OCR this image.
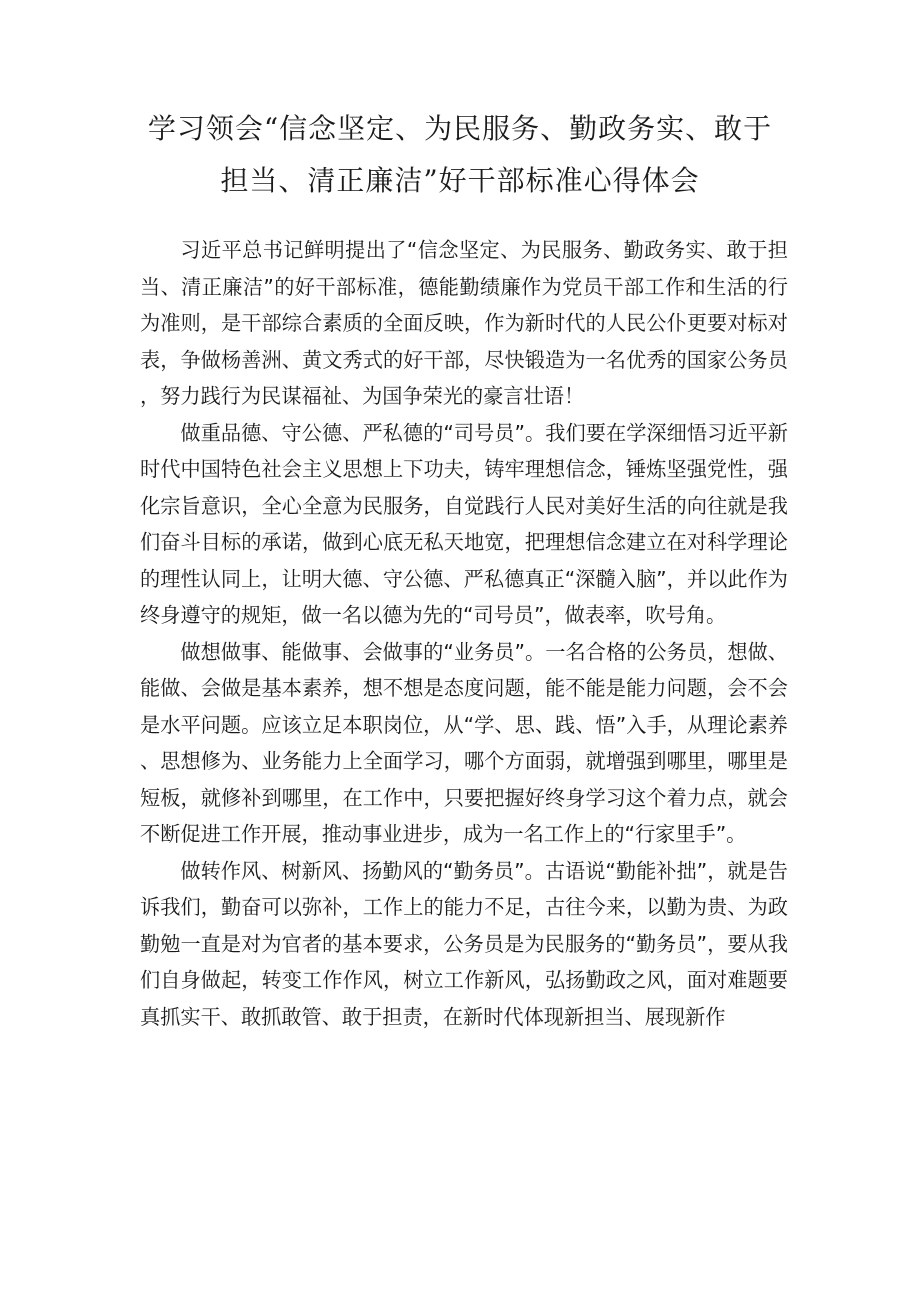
学习领会“信念坚定、为民服务、勤政务实、敢于
担当、清正廉洁”好干部标准心得体会

习近平总书记鲜明提出了“信念坚定、为民服务、勤政务实、敢于担当、清正廉洁”的好干部标准，德能勤绩廉作为党员干部工作和生活的行为准则，是干部综合素质的全面反映，作为新时代的人民公仆更要对标对表，争做杨善洲、黄文秀式的好干部，尽快锻造为一名优秀的国家公务员，努力践行为民谋福祉、为国争荣光的豪言壮语！

做重品德、守公德、严私德的“司号员”。我们要在学深细悟习近平新时代中国特色社会主义思想上下功夫，铸牢理想信念，锤炼坚强党性，强化宗旨意识，全心全意为民服务，自觉践行人民对美好生活的向往就是我们奋斗目标的承诺，做到心底无私天地宽，把理想信念建立在对科学理论的理性认同上，让明大德、守公德、严私德真正“深髓入脑”，并以此作为终身遵守的规矩，做一名以德为先的“司号员”，做表率，吹号角。

做想做事、能做事、会做事的“业务员”。一名合格的公务员，想做、能做、会做是基本素养，想不想是态度问题，能不能是能力问题，会不会是水平问题。应该立足本职岗位，从“学、思、践、悟”入手，从理论素养、思想修为、业务能力上全面学习，哪个方面弱，就增强到哪里，哪里是短板，就修补到哪里，在工作中，只要把握好终身学习这个着力点，就会不断促进工作开展，推动事业进步，成为一名工作上的“行家里手”。

做转作风、树新风、扬勤风的“勤务员”。古语说“勤能补拙”，就是告诉我们，勤奋可以弥补，工作上的能力不足，古往今来，以勤为贵、为政勤勉一直是对为官者的基本要求，公务员是为民服务的“勤务员”，要从我们自身做起，转变工作作风，树立工作新风，弘扬勤政之风，面对难题要真抓实干、敢抓敢管、敢于担责，在新时代体现新担当、展现新作
